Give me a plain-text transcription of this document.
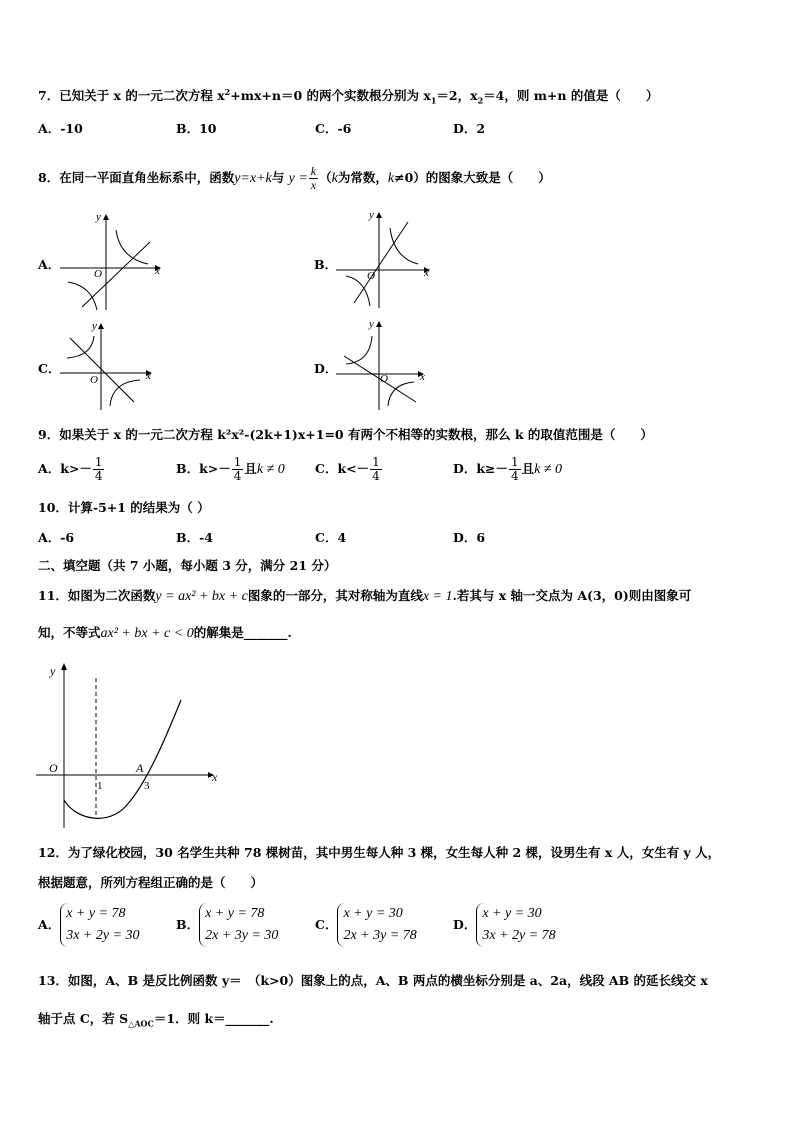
7．已知关于 x 的一元二次方程 $x^2+mx+n=0$ 的两个实数根分别为 $x_1=2$，$x_2=4$，则 m+n 的值是（　　）
A．-10	B．10	C．-6	D．2
8．在同一平面直角坐标系中，函数y=x+k与 $y = \frac{k}{x} (k$为常数，k≠0）的图象大致是（　　）
A．	B．
C．	D．
x
y
O	x
y
O
x
y
O	x
y
O
9．如果关于 x 的一元二次方程 k²x²-(2k+1)x+1=0 有两个不相等的实数根，那么 k 的取值范围是（　　）
A．$k>- \frac{1}{4}$	B．$k>- \frac{1}{4}$ 且k ≠ 0 C．$k<- \frac{1}{4}$	D．$k\ge- \frac{1}{4}$ 且k ≠ 0
10．计算-5+1 的结果为（ ）
A．-6	B．-4	C．4	D．6
二、填空题（共 7 小题，每小题 3 分，满分 21 分）
11．如图为二次函数y = ax² + bx + c图象的一部分，其对称轴为直线x = 1.若其与 x 轴一交点为 A(3，0)则由图象可
知，不等式ax² + bx + c < 0的解集是_______.
y
x
O	A
1	3
12．为了绿化校园，30 名学生共种 78 棵树苗，其中男生每人种 3 棵，女生每人种 2 棵，设男生有 x 人，女生有 y 人，
根据题意，所列方程组正确的是（　　）
A．x + y = 78
3x + 2y = 30
B．x + y = 78
2x + 3y = 30
C．x + y = 30
2x + 3y = 78
D．x + y = 30
3x + 2y = 78
13．如图，A、B 是反比例函数 y＝　（k>0）图象上的点，A、B 两点的横坐标分别是 a、2a，线段 AB 的延长线交 x
轴于点 C，若 $S_{\triangle AOC}=1$．则 k＝_______.
